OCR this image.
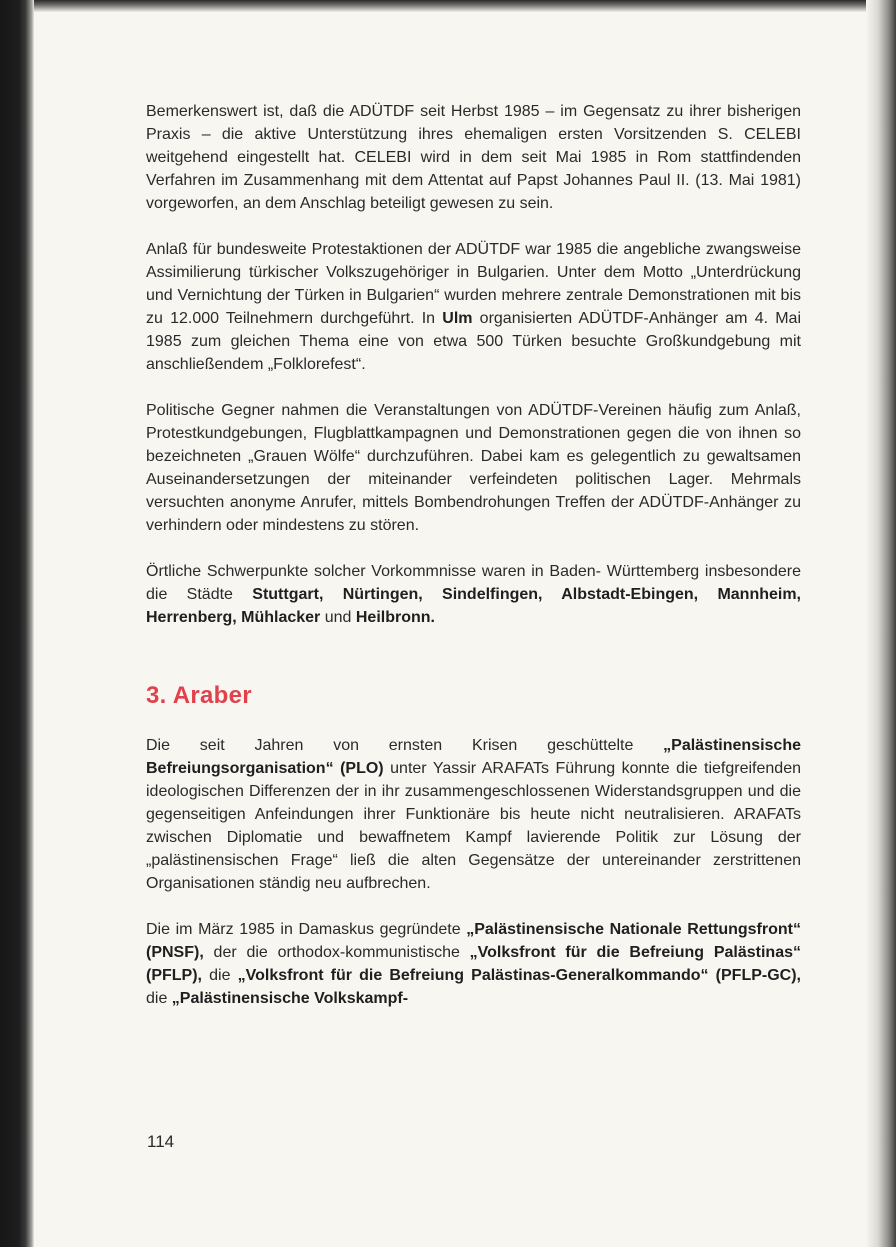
Bemerkenswert ist, daß die ADÜTDF seit Herbst 1985 – im Gegensatz zu ihrer bisherigen Praxis – die aktive Unterstützung ihres ehemaligen ersten Vorsitzenden S. CELEBI weitgehend eingestellt hat. CELEBI wird in dem seit Mai 1985 in Rom stattfindenden Verfahren im Zusammenhang mit dem Attentat auf Papst Johannes Paul II. (13. Mai 1981) vorgeworfen, an dem Anschlag beteiligt gewesen zu sein.

Anlaß für bundesweite Protestaktionen der ADÜTDF war 1985 die angebliche zwangsweise Assimilierung türkischer Volkszugehöriger in Bulgarien. Unter dem Motto „Unterdrückung und Vernichtung der Türken in Bulgarien“ wurden mehrere zentrale Demonstrationen mit bis zu 12.000 Teilnehmern durchgeführt. In Ulm organisierten ADÜTDF-Anhänger am 4. Mai 1985 zum gleichen Thema eine von etwa 500 Türken besuchte Großkundgebung mit anschließendem „Folklorefest“.

Politische Gegner nahmen die Veranstaltungen von ADÜTDF-Vereinen häufig zum Anlaß, Protestkundgebungen, Flugblattkampagnen und Demonstrationen gegen die von ihnen so bezeichneten „Grauen Wölfe“ durchzuführen. Dabei kam es gelegentlich zu gewaltsamen Auseinandersetzungen der miteinander verfeindeten politischen Lager. Mehrmals versuchten anonyme Anrufer, mittels Bombendrohungen Treffen der ADÜTDF-Anhänger zu verhindern oder mindestens zu stören.

Örtliche Schwerpunkte solcher Vorkommnisse waren in Baden- Württemberg insbesondere die Städte Stuttgart, Nürtingen, Sindelfingen, Albstadt-Ebingen, Mannheim, Herrenberg, Mühlacker und Heilbronn.

3. Araber

Die seit Jahren von ernsten Krisen geschüttelte „Palästinensische Befreiungsorganisation“ (PLO) unter Yassir ARAFATs Führung konnte die tiefgreifenden ideologischen Differenzen der in ihr zusammengeschlossenen Widerstandsgruppen und die gegenseitigen Anfeindungen ihrer Funktionäre bis heute nicht neutralisieren. ARAFATs zwischen Diplomatie und bewaffnetem Kampf lavierende Politik zur Lösung der „palästinensischen Frage“ ließ die alten Gegensätze der untereinander zerstrittenen Organisationen ständig neu aufbrechen.

Die im März 1985 in Damaskus gegründete „Palästinensische Nationale Rettungsfront“ (PNSF), der die orthodox-kommunistische „Volksfront für die Befreiung Palästinas“ (PFLP), die „Volksfront für die Befreiung Palästinas-Generalkommando“ (PFLP-GC), die „Palästinensische Volkskampf-

114
